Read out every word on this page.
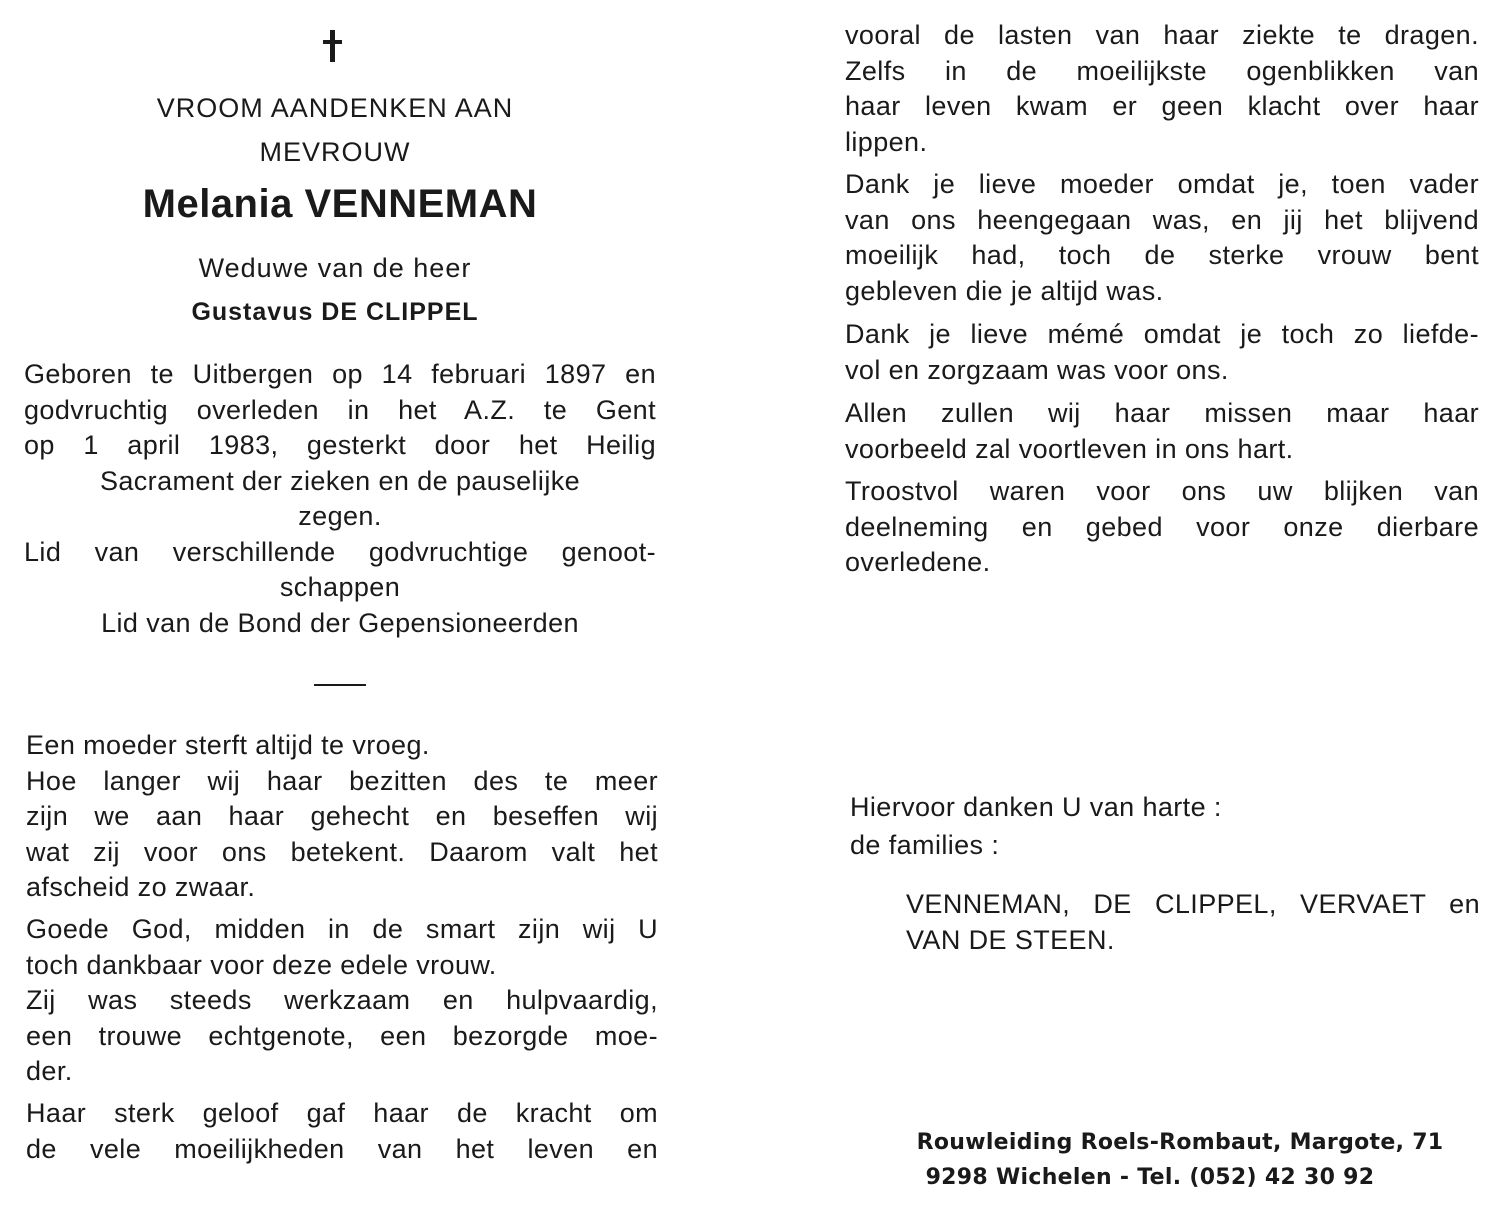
VROOM AANDENKEN AAN
MEVROUW
Melania VENNEMAN
Weduwe van de heer
Gustavus DE CLIPPEL
Geboren te Uitbergen op 14 februari 1897 en
godvruchtig overleden in het A.Z. te Gent
op 1 april 1983, gesterkt door het Heilig
Sacrament der zieken en de pauselijke
zegen.
Lid van verschillende godvruchtige genoot-
schappen
Lid van de Bond der Gepensioneerden
Een moeder sterft altijd te vroeg.
Hoe langer wij haar bezitten des te meer
zijn we aan haar gehecht en beseffen wij
wat zij voor ons betekent. Daarom valt het
afscheid zo zwaar.
Goede God, midden in de smart zijn wij U
toch dankbaar voor deze edele vrouw.
Zij was steeds werkzaam en hulpvaardig,
een trouwe echtgenote, een bezorgde moe-
der.
Haar sterk geloof gaf haar de kracht om
de vele moeilijkheden van het leven en
vooral de lasten van haar ziekte te dragen.
Zelfs in de moeilijkste ogenblikken van
haar leven kwam er geen klacht over haar
lippen.
Dank je lieve moeder omdat je, toen vader
van ons heengegaan was, en jij het blijvend
moeilijk had, toch de sterke vrouw bent
gebleven die je altijd was.
Dank je lieve mémé omdat je toch zo liefde-
vol en zorgzaam was voor ons.
Allen zullen wij haar missen maar haar
voorbeeld zal voortleven in ons hart.
Troostvol waren voor ons uw blijken van
deelneming en gebed voor onze dierbare
overledene.
Hiervoor danken U van harte :
de families :
VENNEMAN, DE CLIPPEL, VERVAET en
VAN DE STEEN.
Rouwleiding Roels-Rombaut, Margote, 71
9298 Wichelen - Tel. (052) 42 30 92
